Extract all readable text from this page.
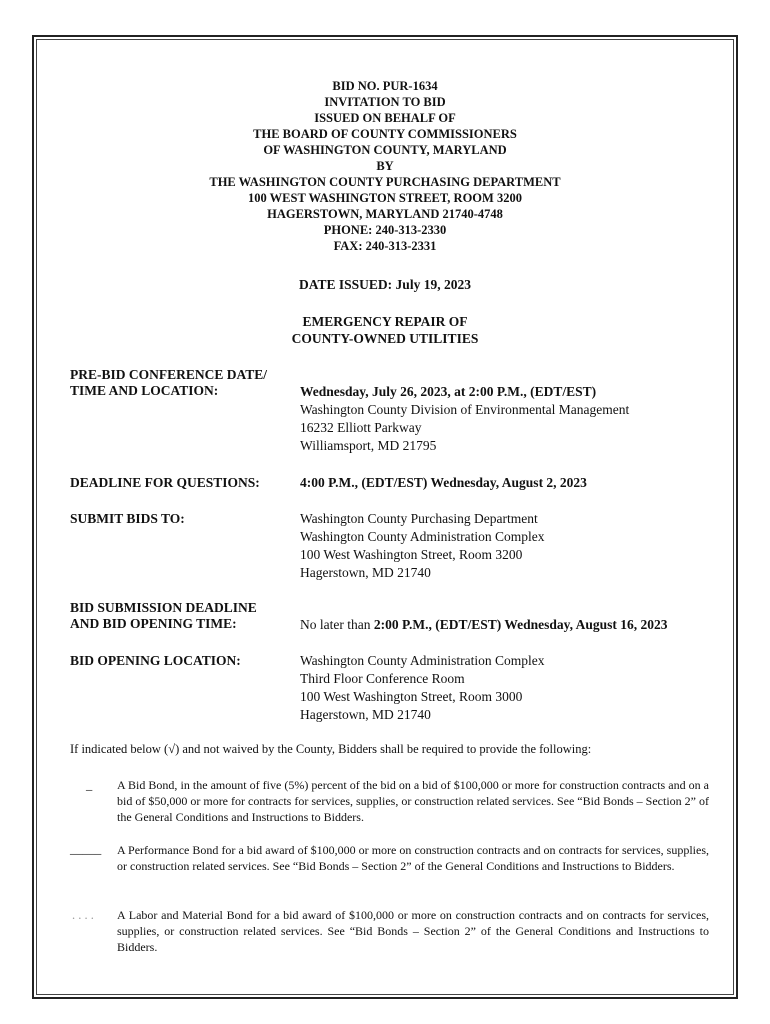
BID NO. PUR-1634
INVITATION TO BID
ISSUED ON BEHALF OF
THE BOARD OF COUNTY COMMISSIONERS
OF WASHINGTON COUNTY, MARYLAND
BY
THE WASHINGTON COUNTY PURCHASING DEPARTMENT
100 WEST WASHINGTON STREET, ROOM 3200
HAGERSTOWN, MARYLAND 21740-4748
PHONE: 240-313-2330
FAX: 240-313-2331
DATE ISSUED: July 19, 2023
EMERGENCY REPAIR OF
COUNTY-OWNED UTILITIES
PRE-BID CONFERENCE DATE/
TIME AND LOCATION:	Wednesday, July 26, 2023, at 2:00 P.M., (EDT/EST)
Washington County Division of Environmental Management
16232 Elliott Parkway
Williamsport, MD 21795
DEADLINE FOR QUESTIONS:	4:00 P.M., (EDT/EST) Wednesday, August 2, 2023
SUBMIT BIDS TO:	Washington County Purchasing Department
Washington County Administration Complex
100 West Washington Street, Room 3200
Hagerstown, MD 21740
BID SUBMISSION DEADLINE
AND BID OPENING TIME:	No later than 2:00 P.M., (EDT/EST) Wednesday, August 16, 2023
BID OPENING LOCATION:	Washington County Administration Complex
Third Floor Conference Room
100 West Washington Street, Room 3000
Hagerstown, MD 21740
If indicated below (√) and not waived by the County, Bidders shall be required to provide the following:
_ A Bid Bond, in the amount of five (5%) percent of the bid on a bid of $100,000 or more for construction contracts and on a bid of $50,000 or more for contracts for services, supplies, or construction related services. See “Bid Bonds – Section 2” of the General Conditions and Instructions to Bidders.
_____ A Performance Bond for a bid award of $100,000 or more on construction contracts and on contracts for services, supplies, or construction related services. See “Bid Bonds – Section 2” of the General Conditions and Instructions to Bidders.
. . . . A Labor and Material Bond for a bid award of $100,000 or more on construction contracts and on contracts for services, supplies, or construction related services. See “Bid Bonds – Section 2” of the General Conditions and Instructions to Bidders.
